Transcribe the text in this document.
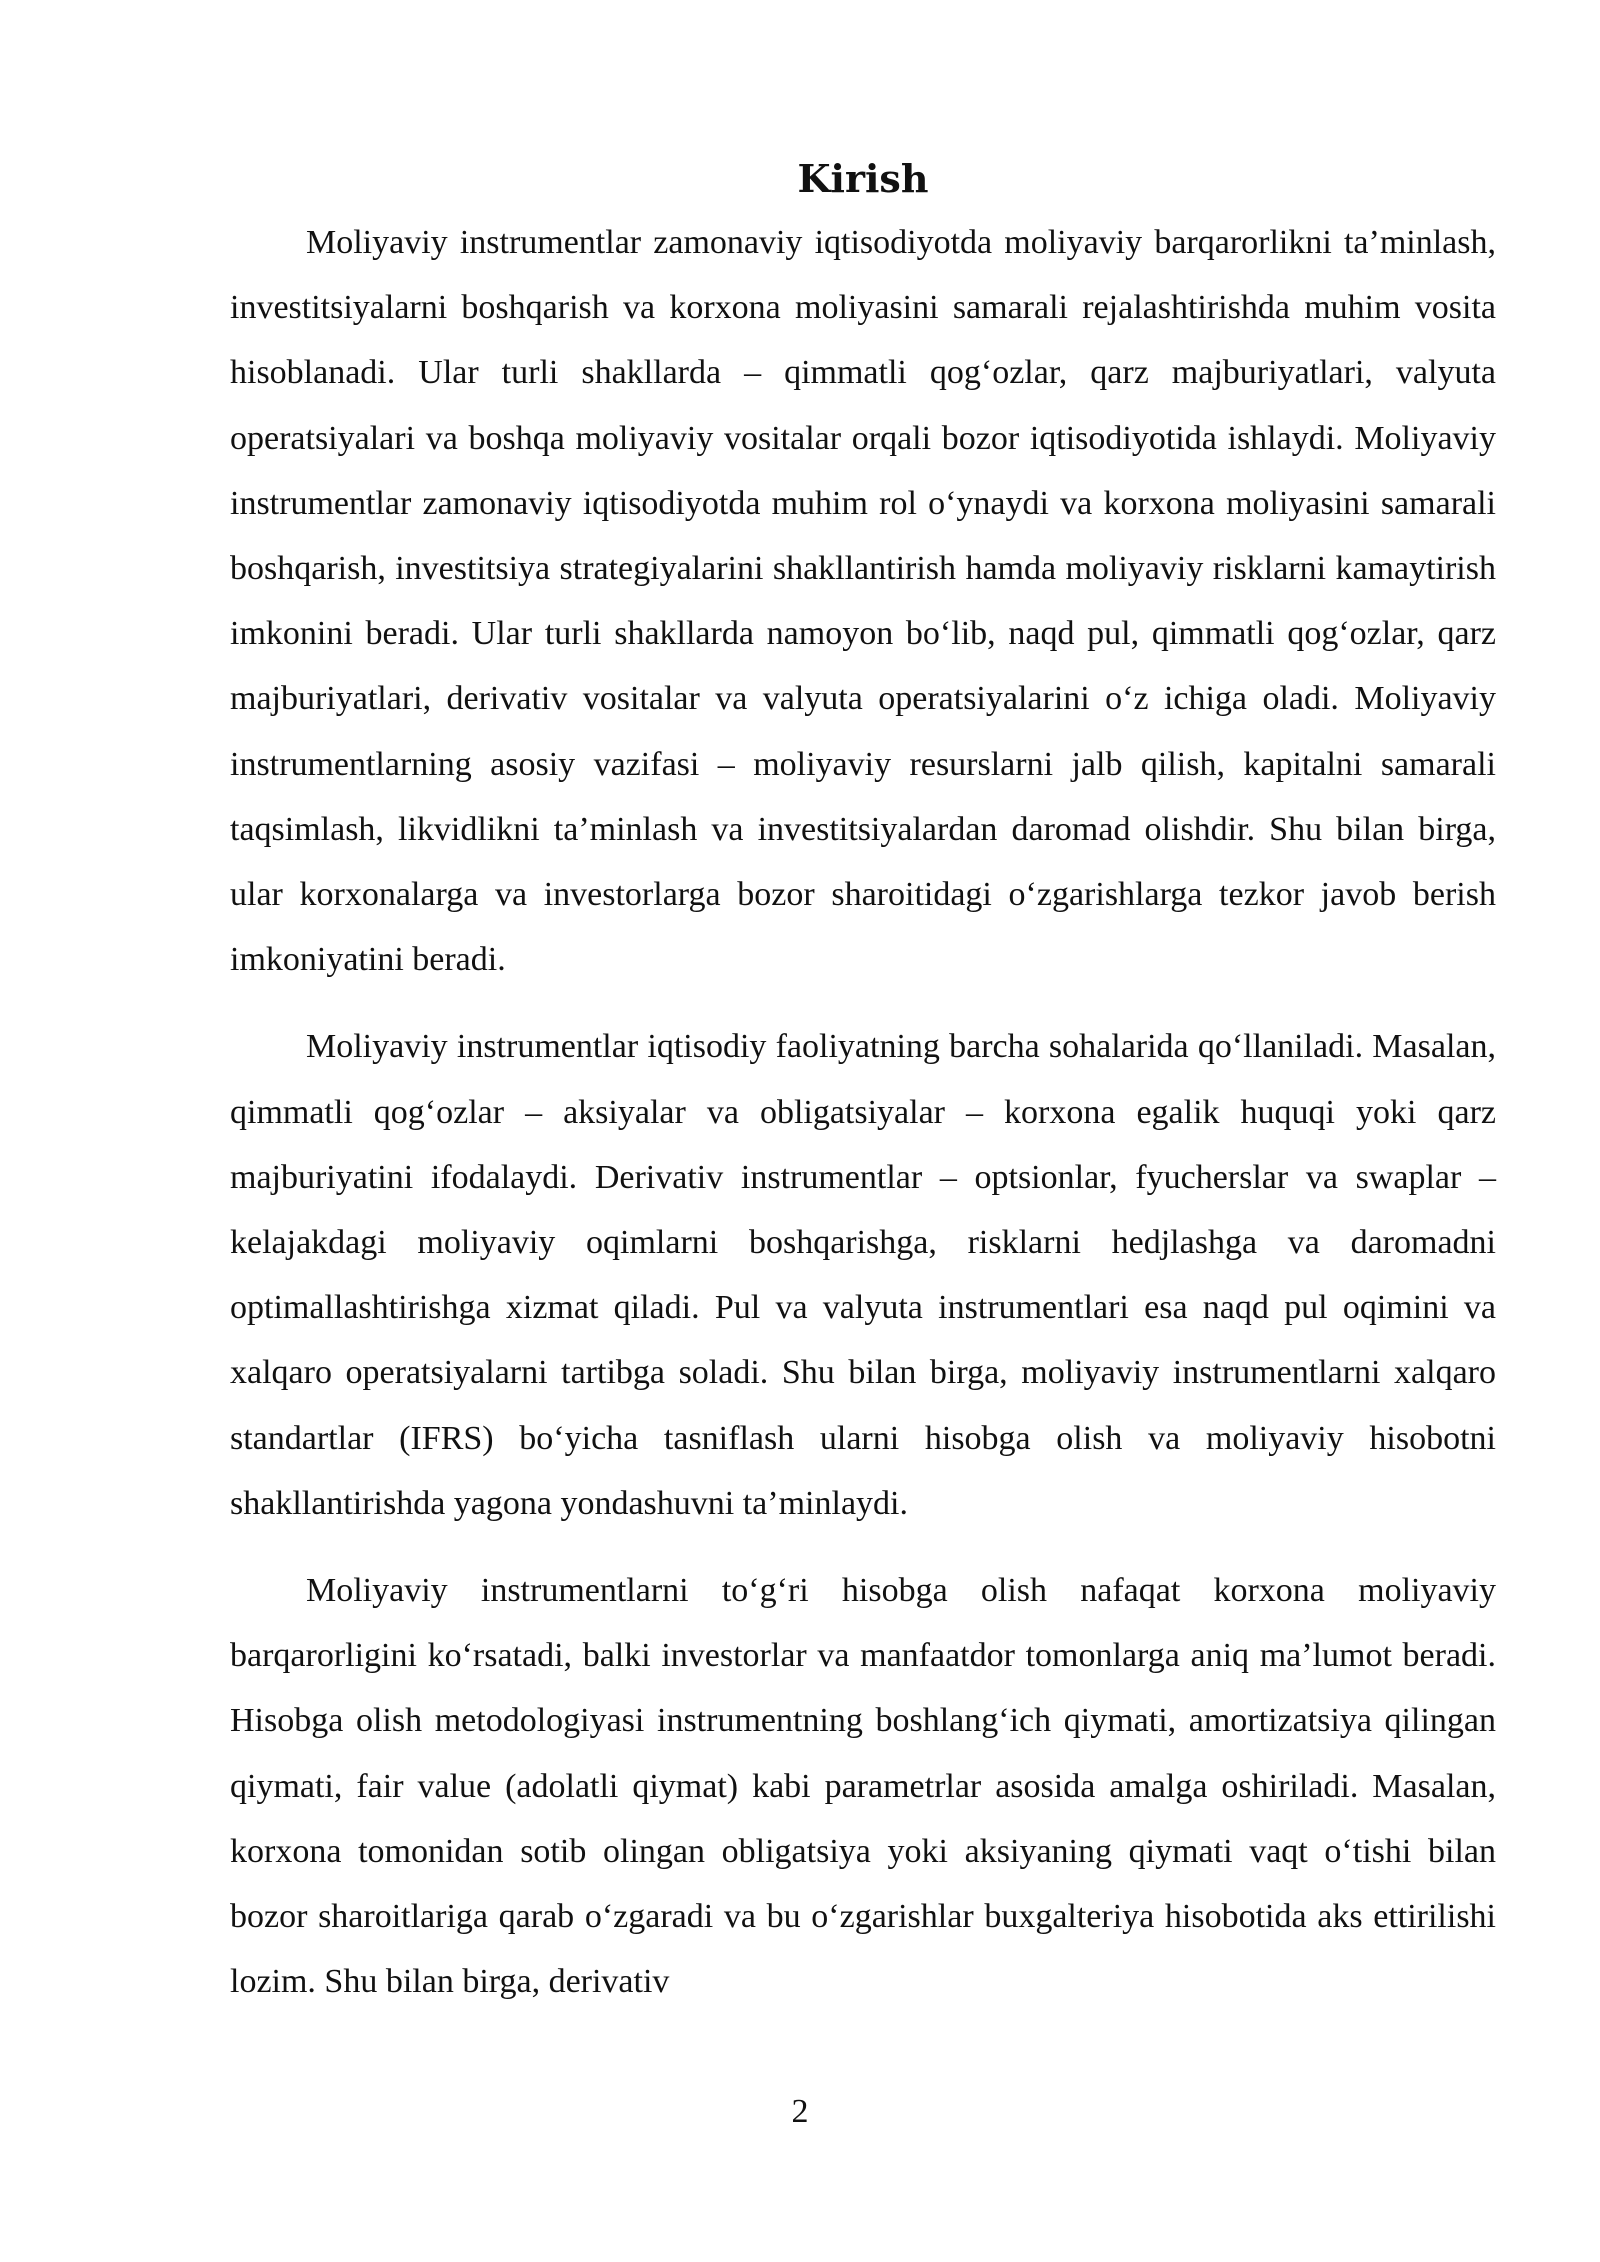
Kirish

Moliyaviy instrumentlar zamonaviy iqtisodiyotda moliyaviy barqarorlikni ta’minlash, investitsiyalarni boshqarish va korxona moliyasini samarali rejalashtirishda muhim vosita hisoblanadi. Ular turli shakllarda – qimmatli qog‘ozlar, qarz majburiyatlari, valyuta operatsiyalari va boshqa moliyaviy vositalar orqali bozor iqtisodiyotida ishlaydi. Moliyaviy instrumentlar zamonaviy iqtisodiyotda muhim rol o‘ynaydi va korxona moliyasini samarali boshqarish, investitsiya strategiyalarini shakllantirish hamda moliyaviy risklarni kamaytirish imkonini beradi. Ular turli shakllarda namoyon bo‘lib, naqd pul, qimmatli qog‘ozlar, qarz majburiyatlari, derivativ vositalar va valyuta operatsiyalarini o‘z ichiga oladi. Moliyaviy instrumentlarning asosiy vazifasi – moliyaviy resurslarni jalb qilish, kapitalni samarali taqsimlash, likvidlikni ta’minlash va investitsiyalardan daromad olishdir. Shu bilan birga, ular korxonalarga va investorlarga bozor sharoitidagi o‘zgarishlarga tezkor javob berish imkoniyatini beradi.

Moliyaviy instrumentlar iqtisodiy faoliyatning barcha sohalarida qo‘llaniladi. Masalan, qimmatli qog‘ozlar – aksiyalar va obligatsiyalar – korxona egalik huquqi yoki qarz majburiyatini ifodalaydi. Derivativ instrumentlar – optsionlar, fyucherslar va swaplar – kelajakdagi moliyaviy oqimlarni boshqarishga, risklarni hedjlashga va daromadni optimallashtirishga xizmat qiladi. Pul va valyuta instrumentlari esa naqd pul oqimini va xalqaro operatsiyalarni tartibga soladi. Shu bilan birga, moliyaviy instrumentlarni xalqaro standartlar (IFRS) bo‘yicha tasniflash ularni hisobga olish va moliyaviy hisobotni shakllantirishda yagona yondashuvni ta’minlaydi.

Moliyaviy instrumentlarni to‘g‘ri hisobga olish nafaqat korxona moliyaviy barqarorligini ko‘rsatadi, balki investorlar va manfaatdor tomonlarga aniq ma’lumot beradi. Hisobga olish metodologiyasi instrumentning boshlang‘ich qiymati, amortizatsiya qilingan qiymati, fair value (adolatli qiymat) kabi parametrlar asosida amalga oshiriladi. Masalan, korxona tomonidan sotib olingan obligatsiya yoki aksiyaning qiymati vaqt o‘tishi bilan bozor sharoitlariga qarab o‘zgaradi va bu o‘zgarishlar buxgalteriya hisobotida aks ettirilishi lozim. Shu bilan birga, derivativ

2
